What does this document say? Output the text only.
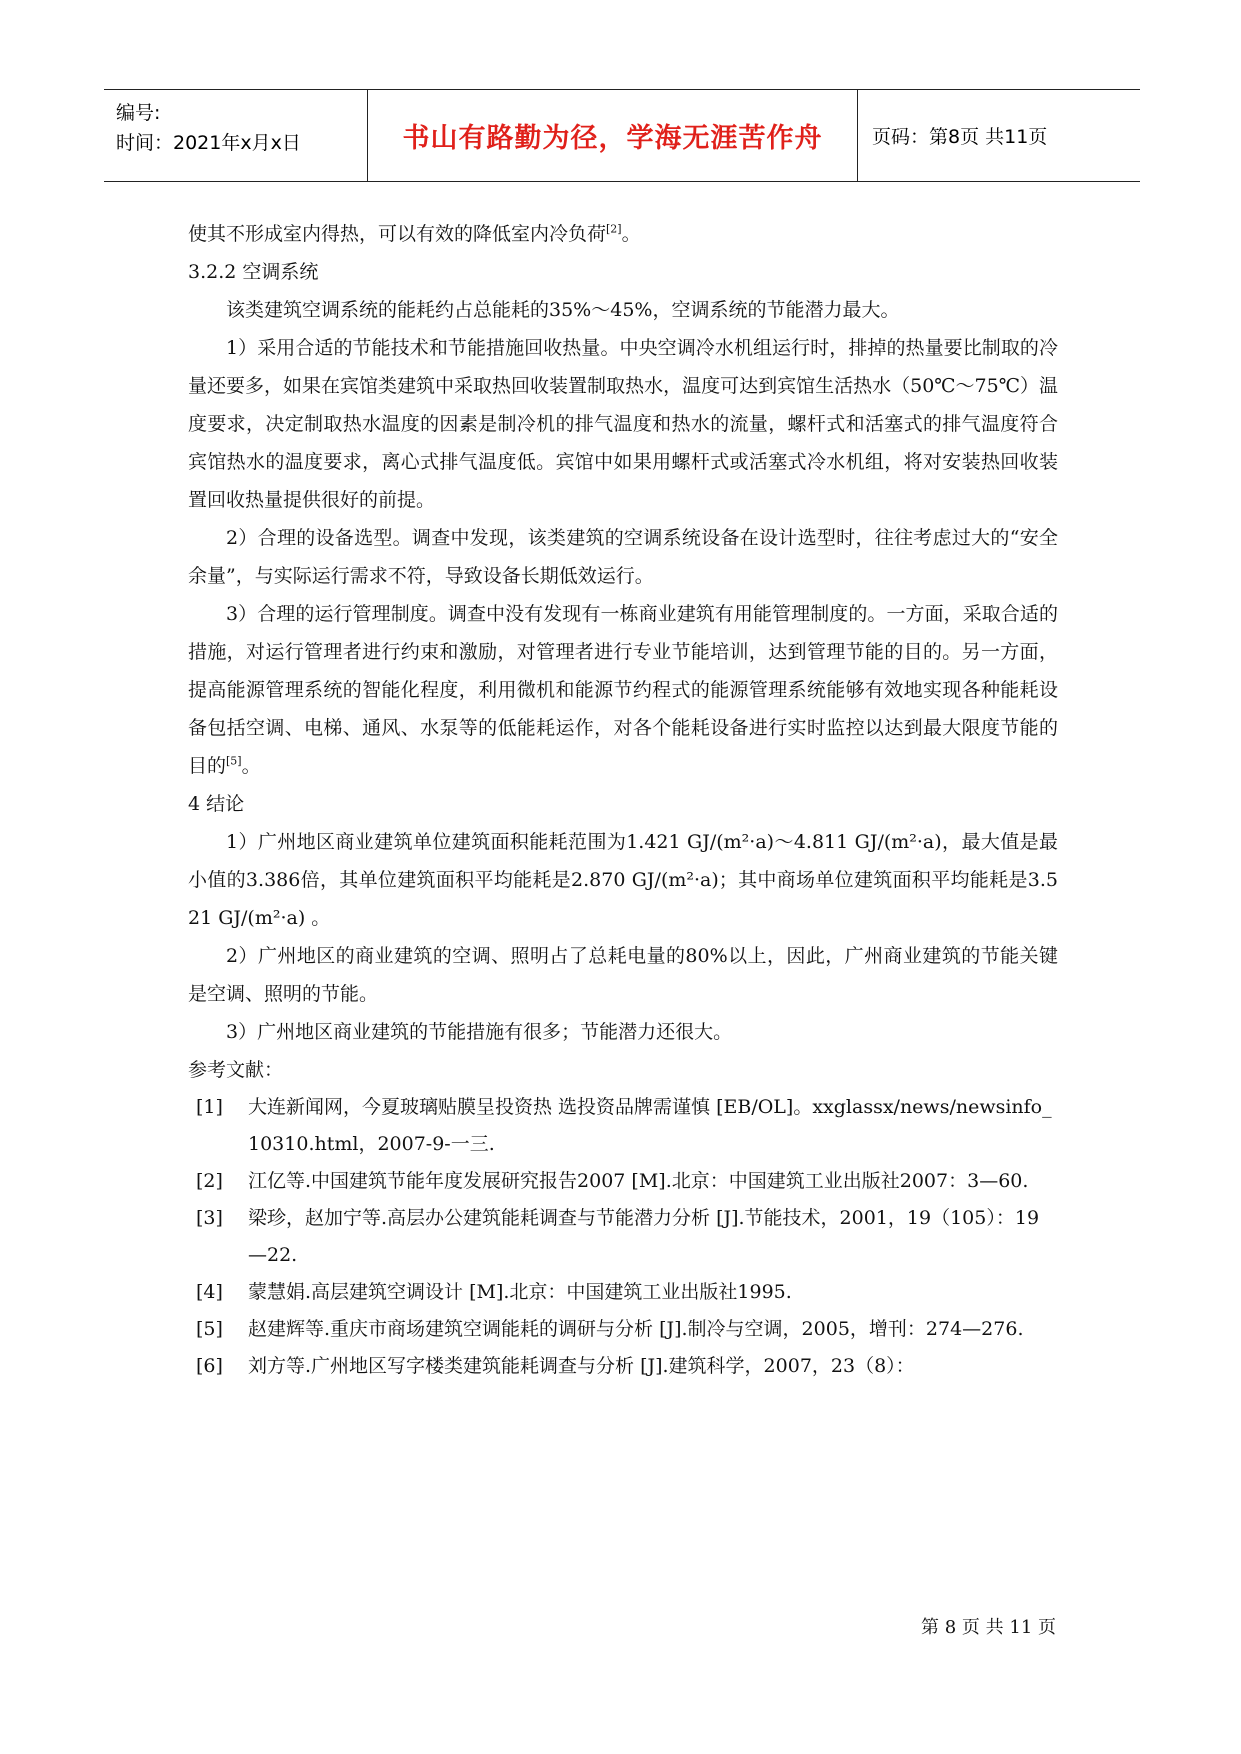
编号:
时间：2021年x月x日	书山有路勤为径，学海无涯苦作舟	页码：第8页 共11页

使其不形成室内得热，可以有效的降低室内冷负荷[2]。

3.2.2 空调系统

该类建筑空调系统的能耗约占总能耗的35%～45%，空调系统的节能潜力最大。

1）采用合适的节能技术和节能措施回收热量。中央空调冷水机组运行时，排掉的热量要比制取的冷量还要多，如果在宾馆类建筑中采取热回收装置制取热水，温度可达到宾馆生活热水（50℃～75℃）温度要求，决定制取热水温度的因素是制冷机的排气温度和热水的流量，螺杆式和活塞式的排气温度符合宾馆热水的温度要求，离心式排气温度低。宾馆中如果用螺杆式或活塞式冷水机组，将对安装热回收装置回收热量提供很好的前提。

2）合理的设备选型。调查中发现，该类建筑的空调系统设备在设计选型时，往往考虑过大的“安全余量”，与实际运行需求不符，导致设备长期低效运行。

3）合理的运行管理制度。调查中没有发现有一栋商业建筑有用能管理制度的。一方面，采取合适的措施，对运行管理者进行约束和激励，对管理者进行专业节能培训，达到管理节能的目的。另一方面，提高能源管理系统的智能化程度，利用微机和能源节约程式的能源管理系统能够有效地实现各种能耗设备包括空调、电梯、通风、水泵等的低能耗运作，对各个能耗设备进行实时监控以达到最大限度节能的目的[5]。

4 结论

1）广州地区商业建筑单位建筑面积能耗范围为1.421 GJ/(m²·a)～4.811 GJ/(m²·a)，最大值是最小值的3.386倍，其单位建筑面积平均能耗是2.870 GJ/(m²·a)；其中商场单位建筑面积平均能耗是3.521 GJ/(m²·a) 。

2）广州地区的商业建筑的空调、照明占了总耗电量的80%以上，因此，广州商业建筑的节能关键是空调、照明的节能。

3）广州地区商业建筑的节能措施有很多；节能潜力还很大。

参考文献：

[1] 大连新闻网，今夏玻璃贴膜呈投资热 选投资品牌需谨慎 [EB/OL]。xxglassx/news/newsinfo_10310.html，2007-9-一三.
[2] 江亿等.中国建筑节能年度发展研究报告2007 [M].北京：中国建筑工业出版社2007：3—60.
[3] 梁珍，赵加宁等.高层办公建筑能耗调查与节能潜力分析 [J].节能技术，2001，19（105）：19—22.
[4] 蒙慧娟.高层建筑空调设计 [M].北京：中国建筑工业出版社1995.
[5] 赵建辉等.重庆市商场建筑空调能耗的调研与分析 [J].制冷与空调，2005，增刊：274—276.
[6] 刘方等.广州地区写字楼类建筑能耗调查与分析 [J].建筑科学，2007，23（8）：
第 8 页 共 11 页
